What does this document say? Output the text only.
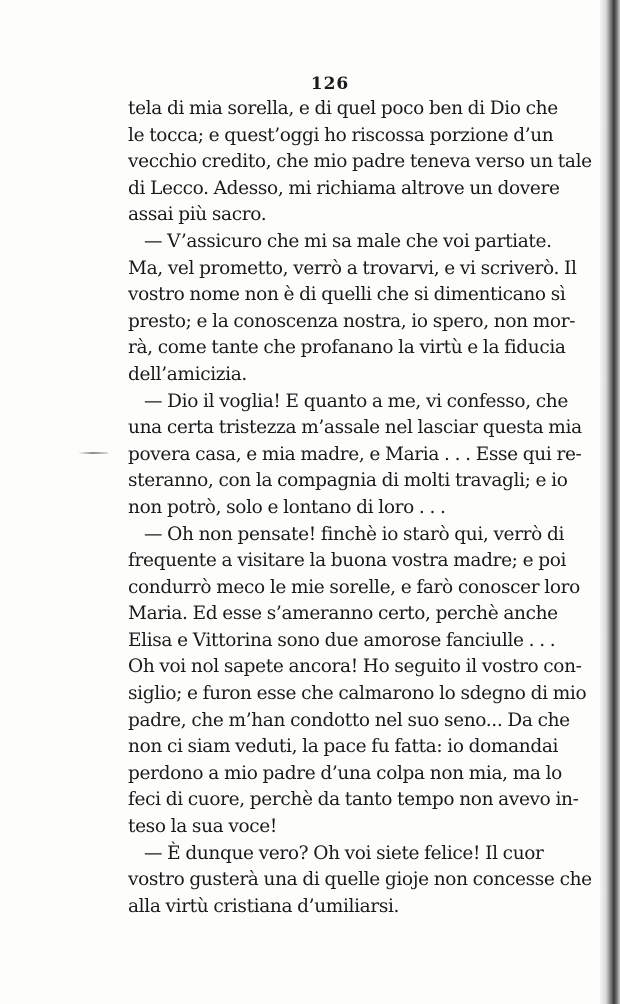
126
tela di mia sorella, e di quel poco ben di Dio che
le tocca; e quest’oggi ho riscossa porzione d’un
vecchio credito, che mio padre teneva verso un tale
di Lecco. Adesso, mi richiama altrove un dovere
assai più sacro.
— V’assicuro che mi sa male che voi partiate.
Ma, vel prometto, verrò a trovarvi, e vi scriverò. Il
vostro nome non è di quelli che si dimenticano sì
presto; e la conoscenza nostra, io spero, non mor-
rà, come tante che profanano la virtù e la fiducia
dell’amicizia.
— Dio il voglia! E quanto a me, vi confesso, che
una certa tristezza m’assale nel lasciar questa mia
povera casa, e mia madre, e Maria . . . Esse qui re-
steranno, con la compagnia di molti travagli; e io
non potrò, solo e lontano di loro . . .
— Oh non pensate! finchè io starò qui, verrò di
frequente a visitare la buona vostra madre; e poi
condurrò meco le mie sorelle, e farò conoscer loro
Maria. Ed esse s’ameranno certo, perchè anche
Elisa e Vittorina sono due amorose fanciulle . . .
Oh voi nol sapete ancora! Ho seguito il vostro con-
siglio; e furon esse che calmarono lo sdegno di mio
padre, che m’han condotto nel suo seno... Da che
non ci siam veduti, la pace fu fatta: io domandai
perdono a mio padre d’una colpa non mia, ma lo
feci di cuore, perchè da tanto tempo non avevo in-
teso la sua voce!
— È dunque vero? Oh voi siete felice! Il cuor
vostro gusterà una di quelle gioje non concesse che
alla virtù cristiana d’umiliarsi.
